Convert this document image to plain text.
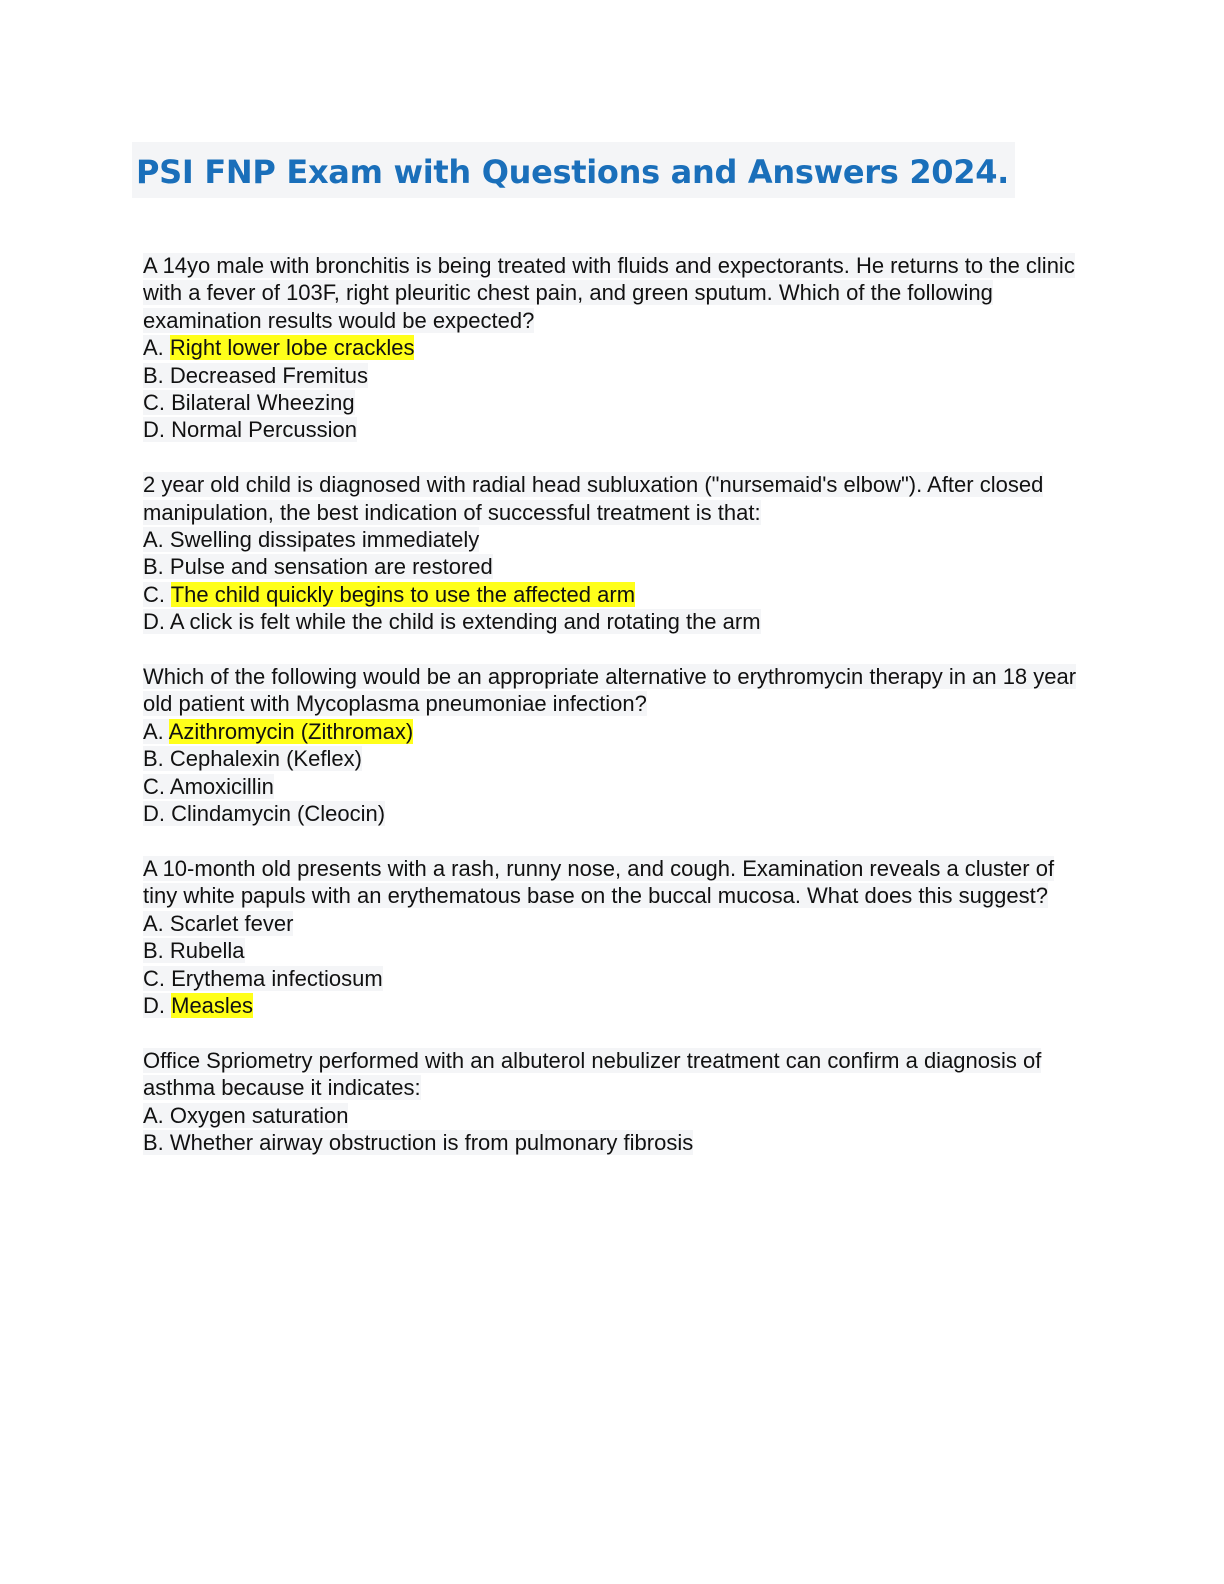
PSI FNP Exam with Questions and Answers 2024.
A 14yo male with bronchitis is being treated with fluids and expectorants. He returns to the clinic with a fever of 103F, right pleuritic chest pain, and green sputum. Which of the following examination results would be expected?
A. Right lower lobe crackles
B. Decreased Fremitus
C. Bilateral Wheezing
D. Normal Percussion
2 year old child is diagnosed with radial head subluxation ("nursemaid's elbow"). After closed manipulation, the best indication of successful treatment is that:
A. Swelling dissipates immediately
B. Pulse and sensation are restored
C. The child quickly begins to use the affected arm
D. A click is felt while the child is extending and rotating the arm
Which of the following would be an appropriate alternative to erythromycin therapy in an 18 year old patient with Mycoplasma pneumoniae infection?
A. Azithromycin (Zithromax)
B. Cephalexin (Keflex)
C. Amoxicillin
D. Clindamycin (Cleocin)
A 10-month old presents with a rash, runny nose, and cough. Examination reveals a cluster of tiny white papuls with an erythematous base on the buccal mucosa. What does this suggest?
A. Scarlet fever
B. Rubella
C. Erythema infectiosum
D. Measles
Office Spriometry performed with an albuterol nebulizer treatment can confirm a diagnosis of asthma because it indicates:
A. Oxygen saturation
B. Whether airway obstruction is from pulmonary fibrosis
